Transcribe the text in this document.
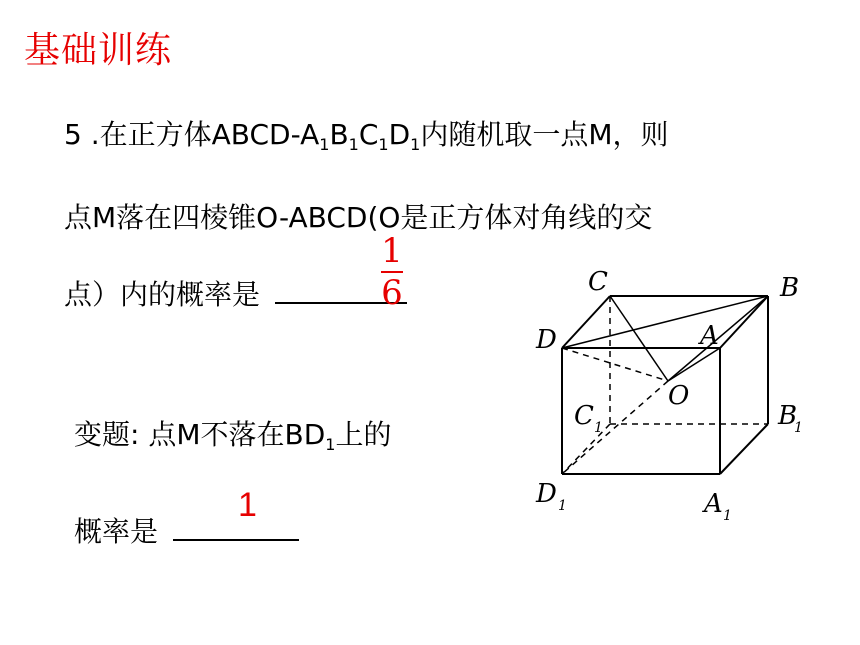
基础训练
5 .在正方体ABCD-$A_1B_1C_1D_1$内随机取一点M，则
点M落在四棱锥O-ABCD(O是正方体对角线的交
点）内的概率是
1
6
变题: 点M不落在$BD_1$上的
概率是
1
C	B
D	A
O
C	B
D	A
1	1
1
1
